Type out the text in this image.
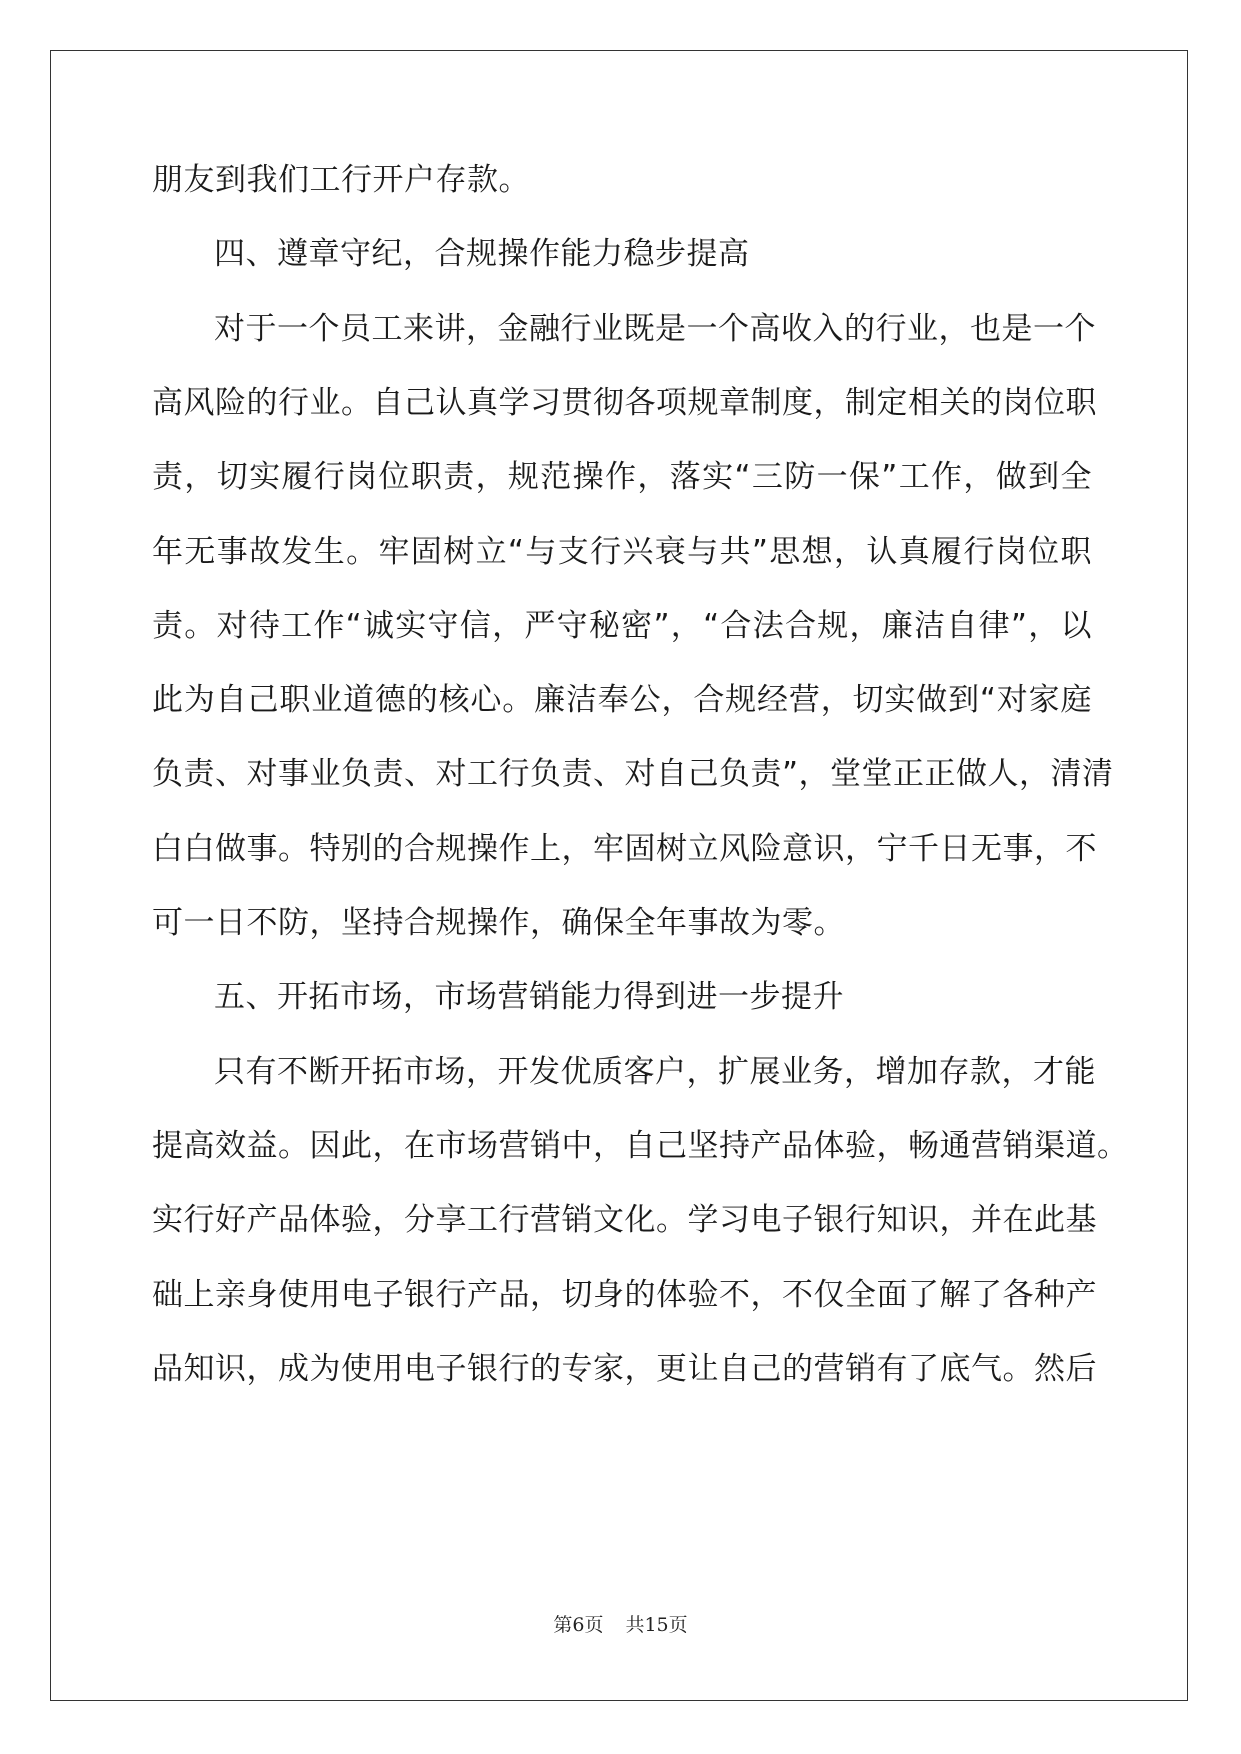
朋友到我们工行开户存款。
四、遵章守纪，合规操作能力稳步提高
对于一个员工来讲，金融行业既是一个高收入的行业，也是一个
高风险的行业。自己认真学习贯彻各项规章制度，制定相关的岗位职
责，切实履行岗位职责，规范操作，落实“三防一保”工作，做到全
年无事故发生。牢固树立“与支行兴衰与共”思想，认真履行岗位职
责。对待工作“诚实守信，严守秘密”，“合法合规，廉洁自律”，以
此为自己职业道德的核心。廉洁奉公，合规经营，切实做到“对家庭
负责、对事业负责、对工行负责、对自己负责”，堂堂正正做人，清清
白白做事。特别的合规操作上，牢固树立风险意识，宁千日无事，不
可一日不防，坚持合规操作，确保全年事故为零。
五、开拓市场，市场营销能力得到进一步提升
只有不断开拓市场，开发优质客户，扩展业务，增加存款，才能
提高效益。因此，在市场营销中，自己坚持产品体验，畅通营销渠道。
实行好产品体验，分享工行营销文化。学习电子银行知识，并在此基
础上亲身使用电子银行产品，切身的体验不，不仅全面了解了各种产
品知识，成为使用电子银行的专家，更让自己的营销有了底气。然后
第6页 共15页
